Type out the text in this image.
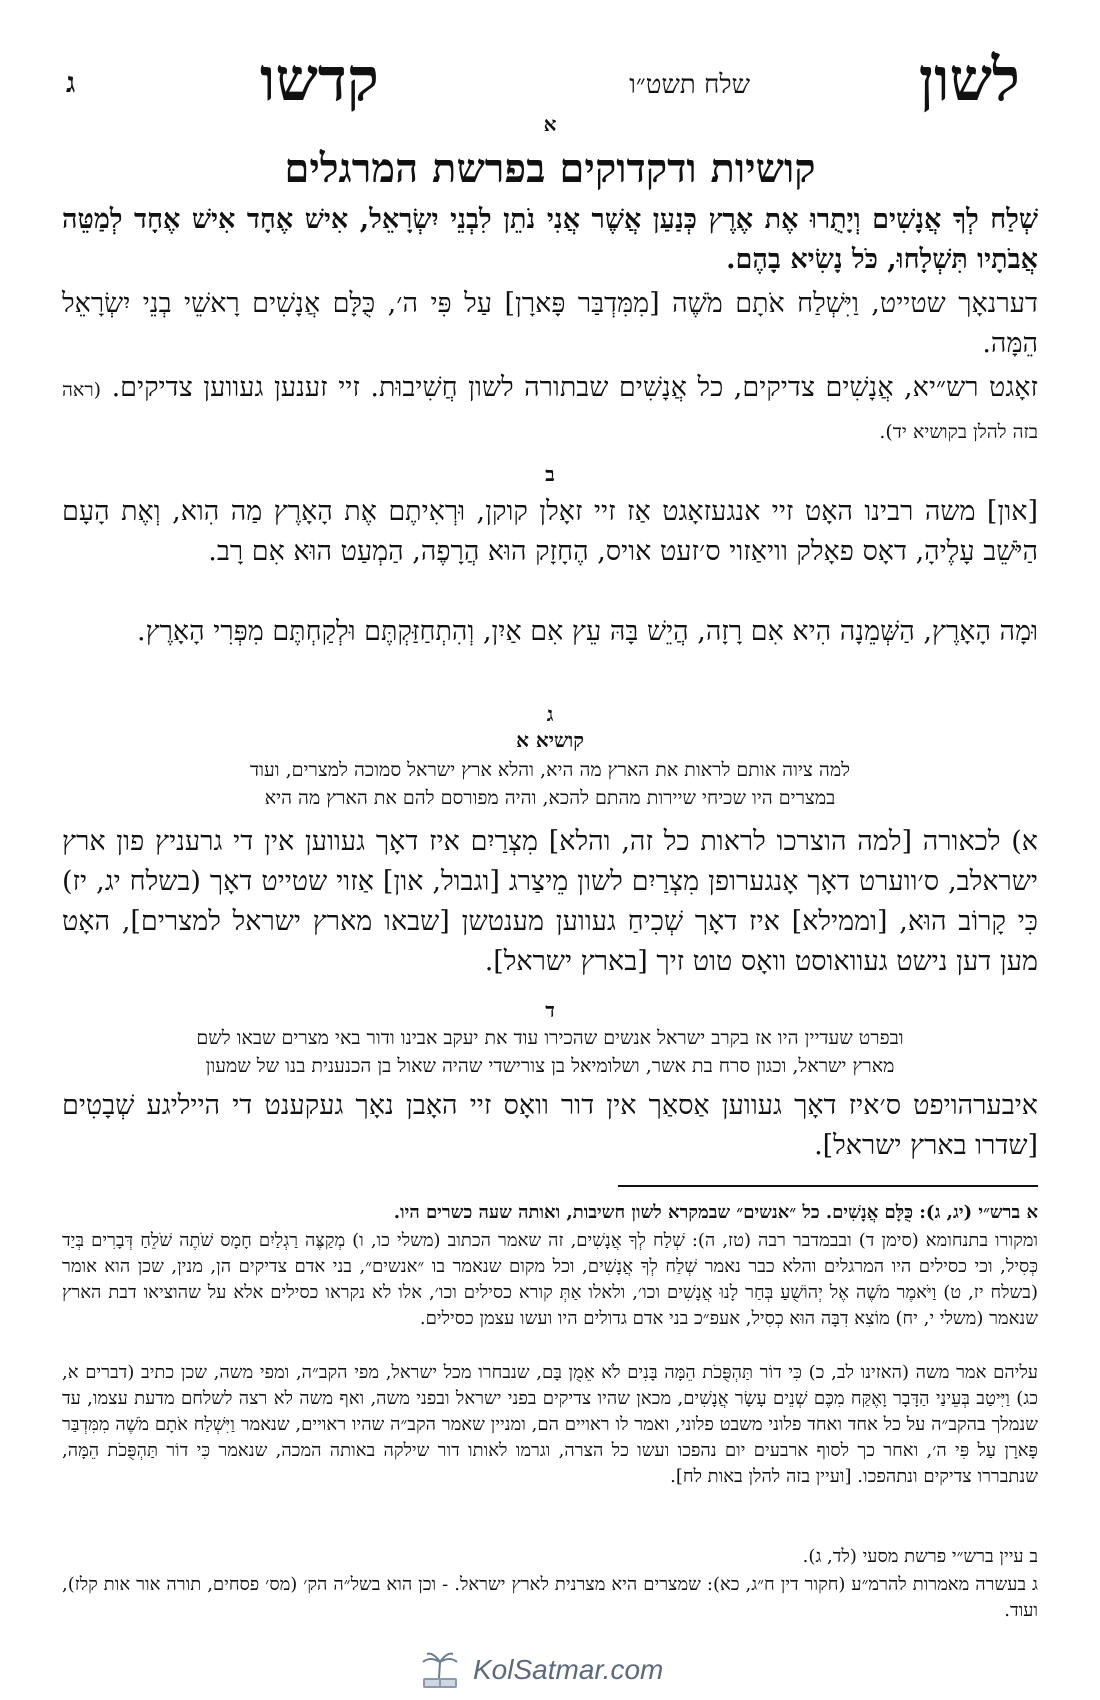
לשון
שלח תשט״ו
קדשו
ג
א
קושיות ודקדוקים בפרשת המרגלים
שְׁלַח לְךָ אֲנָשִׁים וְיָתֻרוּ אֶת אֶרֶץ כְּנַעַן אֲשֶׁר אֲנִי נֹתֵן לִבְנֵי יִשְׂרָאֵל, אִישׁ אֶחָד אִישׁ אֶחָד לְמַטֵּה אֲבֹתָיו תִּשְׁלָחוּ, כֹּל נָשִׂיא בָהֶם.
דערנאָך שטייט, וַיִּשְׁלַח אֹתָם מֹשֶׁה [מִמִּדְבַּר פָּארָן] עַל פִּי ה׳, כֻּלָּם אֲנָשִׁים רָאשֵׁי בְנֵי יִשְׂרָאֵל הֵמָּה.
זאָגט רש״יא, אֲנָשִׁים צדיקים, כל אֲנָשִׁים שבתורה לשון חֲשִׁיבוּת. זיי זענען געווען צדיקים. (ראה בזה להלן בקושיא יד).
ב
[און] משה רבינו האָט זיי אנגעזאָגט אַז זיי זאָלן קוקן, וּרְאִיתֶם אֶת הָאָרֶץ מַה הִוא, וְאֶת הָעָם הַיֹּשֵׁב עָלֶיהָ, דאָס פאָלק וויאַזוי ס׳זעט אויס, הֶחָזָק הוּא הֲרָפֶה, הַמְעַט הוּא אִם רָב.
וּמָה הָאָרֶץ, הַשְּׁמֵנָה הִיא אִם רָזָה, הֲיֵשׁ בָּהּ עֵץ אִם אַיִן, וְהִתְחַזַּקְתֶּם וּלְקַחְתֶּם מִפְּרִי הָאָרֶץ.
ג
קושיא א
למה ציוה אותם לראות את הארץ מה היא, והלא ארץ ישראל סמוכה למצרים, ועוד
במצרים היו שכיחי שיירות מהתם להכא, והיה מפורסם להם את הארץ מה היא
א) לכאורה [למה הוצרכו לראות כל זה, והלא] מִצְרַיִם איז דאָך געווען אין די גרעניץ פון ארץ ישראלב, ס׳ווערט דאָך אָנגערופן מִצְרַיִם לשון מֵיצַרג [וגבול, און] אַזוי שטייט דאָך (בשלח יג, יז) כִּי קָרוֹב הוּא, [וממילא] איז דאָך שְׁכִיחַ געווען מענטשן [שבאו מארץ ישראל למצרים], האָט מען דען נישט געוואוסט וואָס טוט זיך [בארץ ישראל].
ד
ובפרט שעדיין היו אז בקרב ישראל אנשים שהכירו עוד את יעקב אבינו ודור באי מצרים שבאו לשם
מארץ ישראל, וכגון סרח בת אשר, ושלומיאל בן צורישדי שהיה שאול בן הכנענית בנו של שמעון
איבערהויפט ס׳איז דאָך געווען אַסאַך אין דור וואָס זיי האָבן נאָך געקענט די הייליגע שְׁבָטִים [שדרו בארץ ישראל].
א ברש״י (יג, ג): כֻּלָּם אֲנָשִׁים. כל ״אנשים״ שבמקרא לשון חשיבות, ואותה שעה כשרים היו.
ומקורו בתנחומא (סימן ד) ובבמדבר רבה (טז, ה): שְׁלַח לְךָ אֲנָשִׁים, זה שאמר הכתוב (משלי כו, ו) מְקַצֶּה רַגְלַיִם חָמָס שֹׁתֶה שֹׁלֵחַ דְּבָרִים בְּיַד כְּסִיל, וכי כסילים היו המרגלים והלא כבר נאמר שְׁלַח לְךָ אֲנָשִׁים, וכל מקום שנאמר בו ״אנשים״, בני אדם צדיקים הן, מנין, שכן הוא אומר (בשלח יז, ט) וַיֹּאמֶר מֹשֶׁה אֶל יְהוֹשֻׁעַ בְּחַר לָנוּ אֲנָשִׁים וכו׳, ולאלו אַתְּ קורא כסילים וכו׳, אלו לא נקראו כסילים אלא על שהוציאו דבת הארץ שנאמר (משלי י, יח) מוֹצִא דִבָּה הוּא כְסִיל, אעפ״כ בני אדם גדולים היו ועשו עצמן כסילים.
עליהם אמר משה (האזינו לב, כ) כִּי דוֹר תַּהְפֻּכֹת הֵמָּה בָּנִים לֹא אֵמֻן בָּם, שנבחרו מכל ישראל, מפי הקב״ה, ומפי משה, שכן כתיב (דברים א, כג) וַיִּיטַב בְּעֵינַי הַדָּבָר וָאֶקַּח מִכֶּם שְׁנֵים עָשָׂר אֲנָשִׁים, מכאן שהיו צדיקים בפני ישראל ובפני משה, ואף משה לא רצה לשלחם מדעת עצמו, עד שנמלך בהקב״ה על כל אחד ואחד פלוני משבט פלוני, ואמר לו ראויים הם, ומניין שאמר הקב״ה שהיו ראויים, שנאמר וַיִּשְׁלַח אֹתָם מֹשֶׁה מִמִּדְבַּר פָּארָן עַל פִּי ה׳, ואחר כך לסוף ארבעים יום נהפכו ועשו כל הצרה, וגרמו לאותו דור שילקה באותה המכה, שנאמר כִּי דוֹר תַּהְפֻּכֹת הֵמָּה, שנתבררו צדיקים ונתהפכו. [ועיין בזה להלן באות לח].
ב עיין ברש״י פרשת מסעי (לד, ג).
ג בעשרה מאמרות להרמ״ע (חקור דין ח״ג, כא): שמצרים היא מצרנית לארץ ישראל. - וכן הוא בשל״ה הק׳ (מס׳ פסחים, תורה אור אות קלז), ועוד.
KolSatmar.com
